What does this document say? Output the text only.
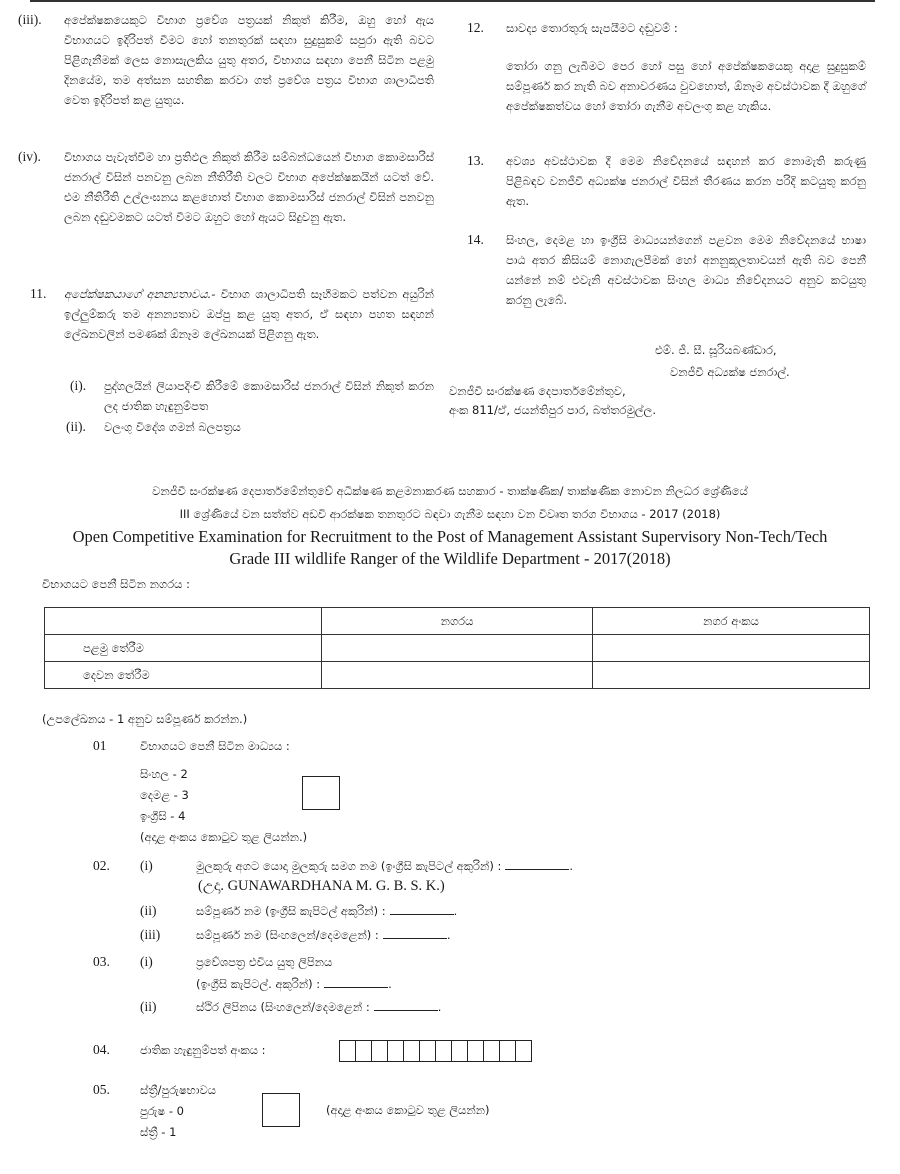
(iii). අපේක්ෂකයෙකුට විභාග ප්‍රවේශ පත්‍රයක් නිකුත් කිරීම, ඔහු හෝ ඇය විභාගයට ඉදිරිපත් වීමට හෝ තනතුරක් සඳහා සුදුසුකම් සපුරා ඇති බවට පිළිගැනීමක් ලෙස නොසැලකිය යුතු අතර, විභාගය සඳහා පෙනී සිටින පළමු දිනයේම, තම අත්සන සහතික කරවා ගත් ප්‍රවේශ පත්‍රය විභාග ශාලාධිපති වෙත ඉදිරිපත් කළ යුතුය.
(iv). විභාගය පැවැත්වීම හා ප්‍රතිඵල නිකුත් කිරීම සම්බන්ධයෙන් විභාග කොමසාරිස් ජනරාල් විසින් පනවනු ලබන නීතිරීති වලට විභාග අපේක්ෂකයින් යටත් වේ. එම නීතිරීති උල්ලංඝනය කළහොත් විභාග කොමසාරිස් ජනරාල් විසින් පනවනු ලබන දඬුවමකට යටත් වීමට ඔහුට හෝ ඇයට සිදුවනු ඇත.
11. අපේක්ෂකයාගේ අනන්‍යතාවය.- විභාග ශාලාධිපති සෑහීමකට පත්වන අයුරින් ඉල්ලුම්කරු තම අනන්‍යතාව ඔප්පු කළ යුතු අතර, ඒ සඳහා පහත සඳහන් ලේඛනවලින් පමණක් ඕනෑම ලේඛනයක් පිළිගනු ඇත.
(i). පුද්ගලයින් ලියාපදිංචි කිරීමේ කොමසාරිස් ජනරාල් විසින් නිකුත් කරන ලද ජාතික හැඳුනුම්පත
(ii). වලංගු විදේශ ගමන් බලපත්‍රය
12. සාවද්‍ය තොරතුරු සැපයීමට දඬුවම් :
තෝරා ගනු ලැබීමට පෙර හෝ පසු හෝ අපේක්ෂකයෙකු අදාළ සුදුසුකම් සම්පූර්ණ කර නැති බව අනාවරණය වුවහොත්, ඕනෑම අවස්ථාවක දී ඔහුගේ අපේක්ෂකත්වය හෝ තෝරා ගැනීම අවලංගු කළ හැකිය.
13. අවශ්‍ය අවස්ථාවක දී මෙම නිවේදනයේ සඳහන් කර නොමැති කරුණු පිළිබඳව වනජීවී අධ්‍යක්ෂ ජනරාල් විසින් තීරණය කරන පරිදි කටයුතු කරනු ඇත.
14. සිංහල, දෙමළ හා ඉංග්‍රීසි මාධ්‍යයන්ගෙන් පළවන මෙම නිවේදනයේ භාෂා පාඨ අතර කිසියම් නොගැලපීමක් හෝ අනනුකූලතාවයන් ඇති බව පෙනී යන්නේ නම් එවැනි අවස්ථාවක සිංහල මාධ්‍ය නිවේදනයට අනුව කටයුතු කරනු ලැබේ.
එම්. ජී. සී. සූරියබණ්ඩාර,
වනජීවී අධ්‍යක්ෂ ජනරාල්.
වනජීවී සංරක්ෂණ දෙපාර්තමේන්තුව,
අංක 811/ඒ, ජයන්තිපුර පාර, බත්තරමුල්ල.
වනජීවී සංරක්ෂණ දෙපාර්තමේන්තුවේ අධීක්ෂණ කළමනාකරණ සහකාර - තාක්ෂණික/ තාක්ෂණික නොවන නිලධර ශ්‍රේණියේ
III ශ්‍රේණියේ වන සත්ත්ව අඩවි ආරක්ෂක තනතුරට බඳවා ගැනීම සඳහා වන විවෘත තරග විභාගය - 2017 (2018)
Open Competitive Examination for Recruitment to the Post of Management Assistant Supervisory Non-Tech/Tech
Grade III wildlife Ranger of the Wildlife Department - 2017(2018)
විභාගයට පෙනී සිටින නගරය :
	නගරය	නගර අංකය
පළමු තේරීම		
දෙවන තේරීම		
(උපලේඛනය - 1 අනුව සම්පූර්ණ කරන්න.)
01	විභාගයට පෙනී සිටින මාධ්‍යය :
සිංහල - 2
දෙමළ - 3
ඉංග්‍රීසි - 4
(අදාළ අංකය කොටුව තුළ ලියන්න.)
02. (i)	මුලකුරු අගට යොදා මුලකුරු සමග නම (ඉංග්‍රීසි කැපිටල් අකුරින්) :	.
(උදා. GUNAWARDHANA M. G. B. S. K.)
(ii)	සම්පූර්ණ නම (ඉංග්‍රීසි කැපිටල් අකුරින්) :	.
(iii)	සම්පූර්ණ නම (සිංහලෙන්/දෙමළෙන්) :	.
03. (i)	ප්‍රවේශපත්‍ර එවිය යුතු ලිපිනය
(ඉංග්‍රීසි කැපිටල්. අකුරින්) :	.
(ii)	ස්ථිර ලිපිනය (සිංහලෙන්/දෙමළෙන් :	.
04.	ජාතික හැඳුනුම්පත් අංකය :
05.	ස්ත්‍රී/පුරුෂභාවය
පුරුෂ - 0
ස්ත්‍රී - 1
(අදාළ අංකය කොටුව තුළ ලියන්න)
